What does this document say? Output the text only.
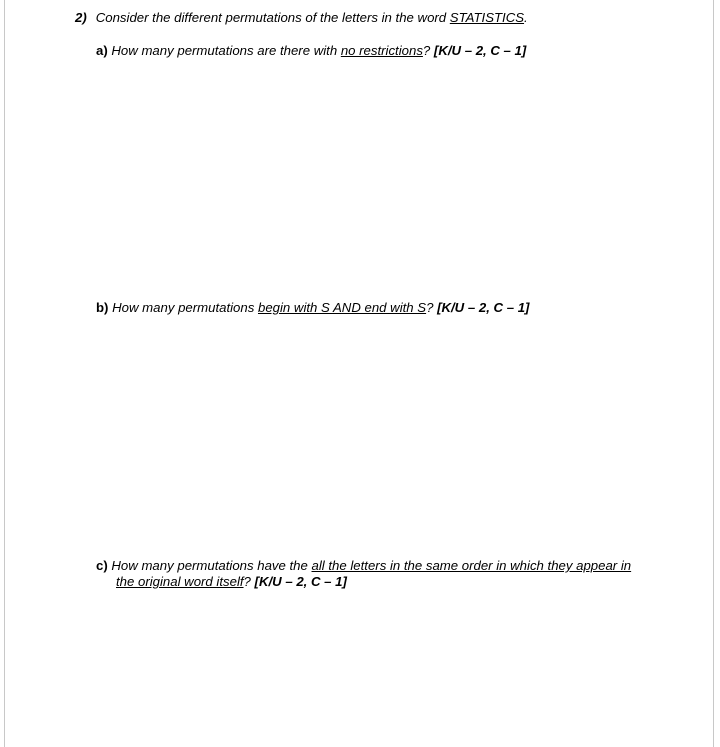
2) Consider the different permutations of the letters in the word STATISTICS.
a) How many permutations are there with no restrictions? [K/U – 2, C – 1]
b) How many permutations begin with S AND end with S? [K/U – 2, C – 1]
c) How many permutations have the all the letters in the same order in which they appear in
the original word itself? [K/U – 2, C – 1]
